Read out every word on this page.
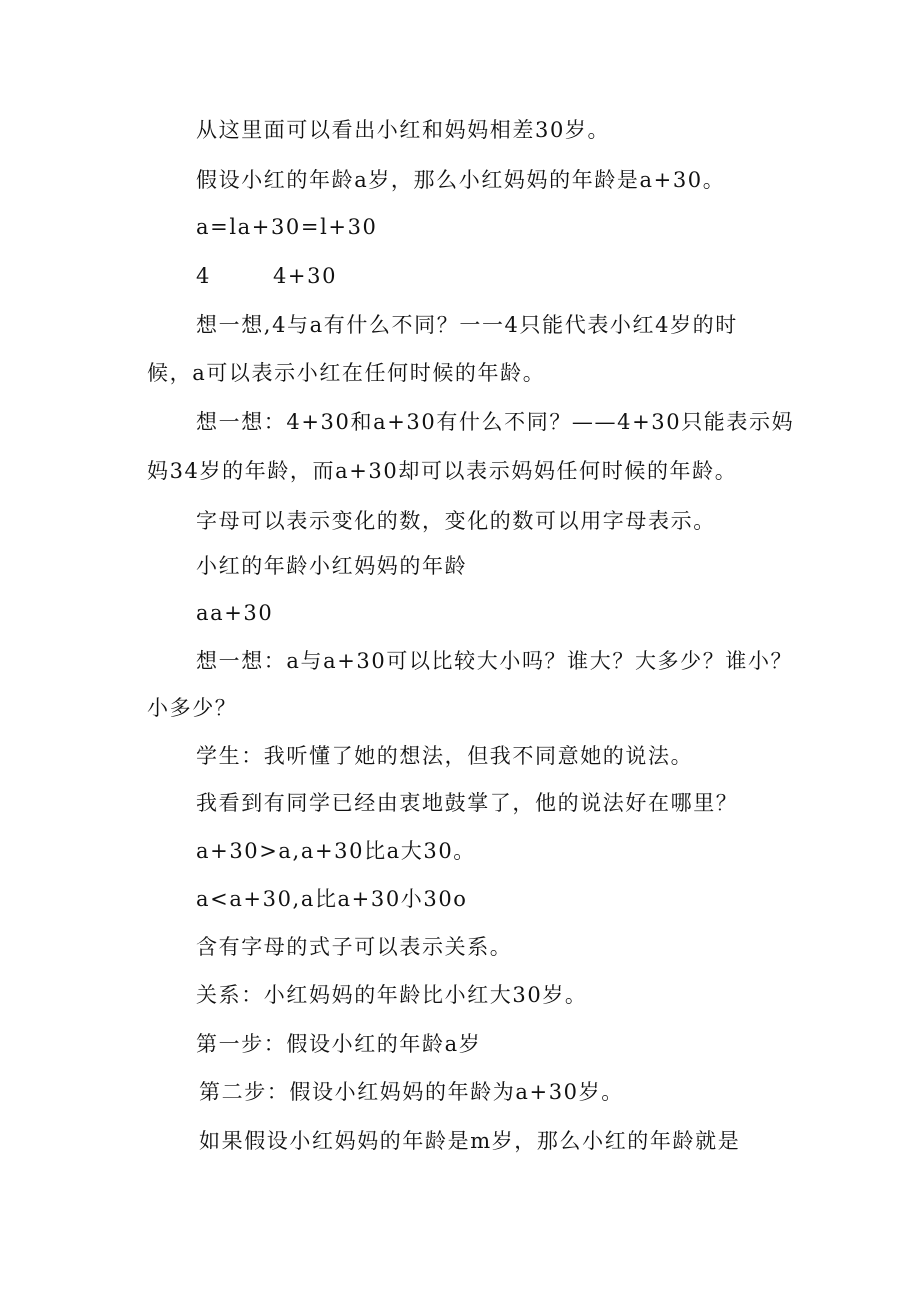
从这里面可以看出小红和妈妈相差30岁。
假设小红的年龄a岁，那么小红妈妈的年龄是a+30。
a=la+30=l+30
4	4+30
想一想,4与a有什么不同？一一4只能代表小红4岁的时
候，a可以表示小红在任何时候的年龄。
想一想：4+30和a+30有什么不同？——4+30只能表示妈
妈34岁的年龄，而a+30却可以表示妈妈任何时候的年龄。
字母可以表示变化的数，变化的数可以用字母表示。
小红的年龄小红妈妈的年龄
aa+30
想一想：a与a+30可以比较大小吗？谁大？大多少？谁小？
小多少？
学生：我听懂了她的想法，但我不同意她的说法。
我看到有同学已经由衷地鼓掌了，他的说法好在哪里？
a+30>a,a+30比a大30。
a<a+30,a比a+30小30o
含有字母的式子可以表示关系。
关系：小红妈妈的年龄比小红大30岁。
第一步：假设小红的年龄a岁
第二步：假设小红妈妈的年龄为a+30岁。
如果假设小红妈妈的年龄是m岁，那么小红的年龄就是
